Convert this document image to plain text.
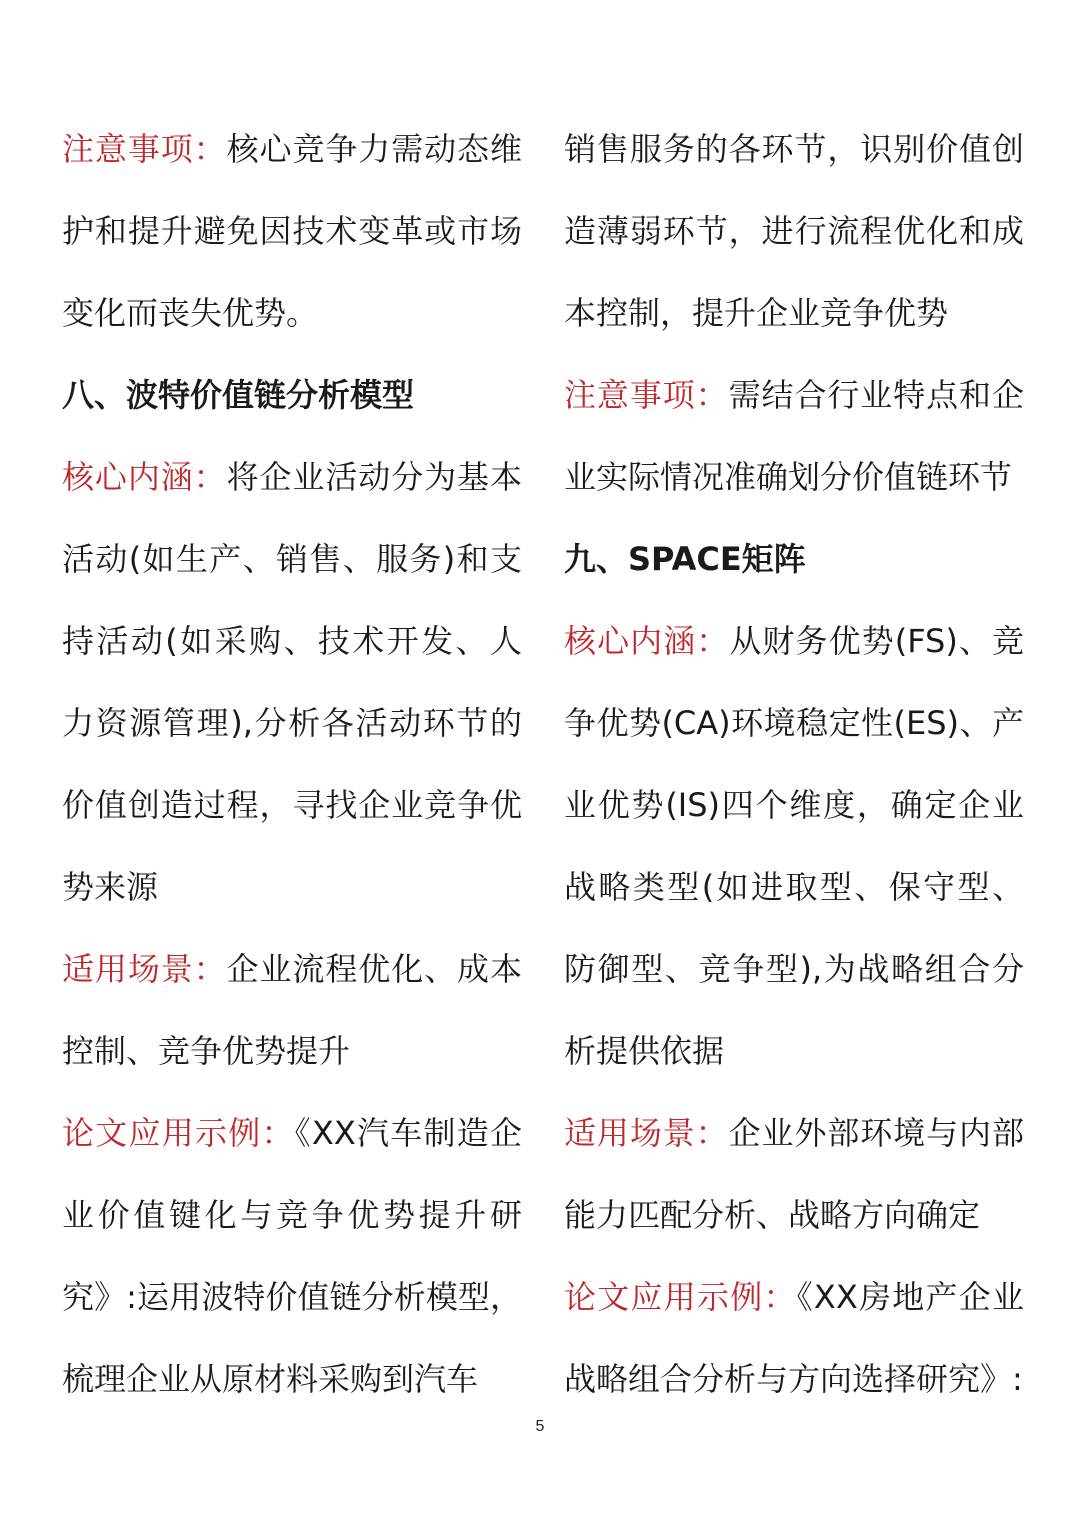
注意事项：核心竞争力需动态维护和提升避免因技术变革或市场变化而丧失优势。

八、波特价值链分析模型

核心内涵：将企业活动分为基本活动(如生产、销售、服务)和支持活动(如采购、技术开发、人力资源管理),分析各活动环节的价值创造过程，寻找企业竞争优势来源

适用场景：企业流程优化、成本控制、竞争优势提升

论文应用示例：《XX汽车制造企业价值键化与竞争优势提升研究》:运用波特价值链分析模型，梳理企业从原材料采购到汽车

销售服务的各环节，识别价值创造薄弱环节，进行流程优化和成本控制，提升企业竞争优势

注意事项：需结合行业特点和企业实际情况准确划分价值链环节

九、SPACE矩阵

核心内涵：从财务优势(FS)、竞争优势(CA)环境稳定性(ES)、产业优势(IS)四个维度，确定企业战略类型(如进取型、保守型、防御型、竞争型),为战略组合分析提供依据

适用场景：企业外部环境与内部能力匹配分析、战略方向确定

论文应用示例：《XX房地产企业战略组合分析与方向选择研究》:

5
